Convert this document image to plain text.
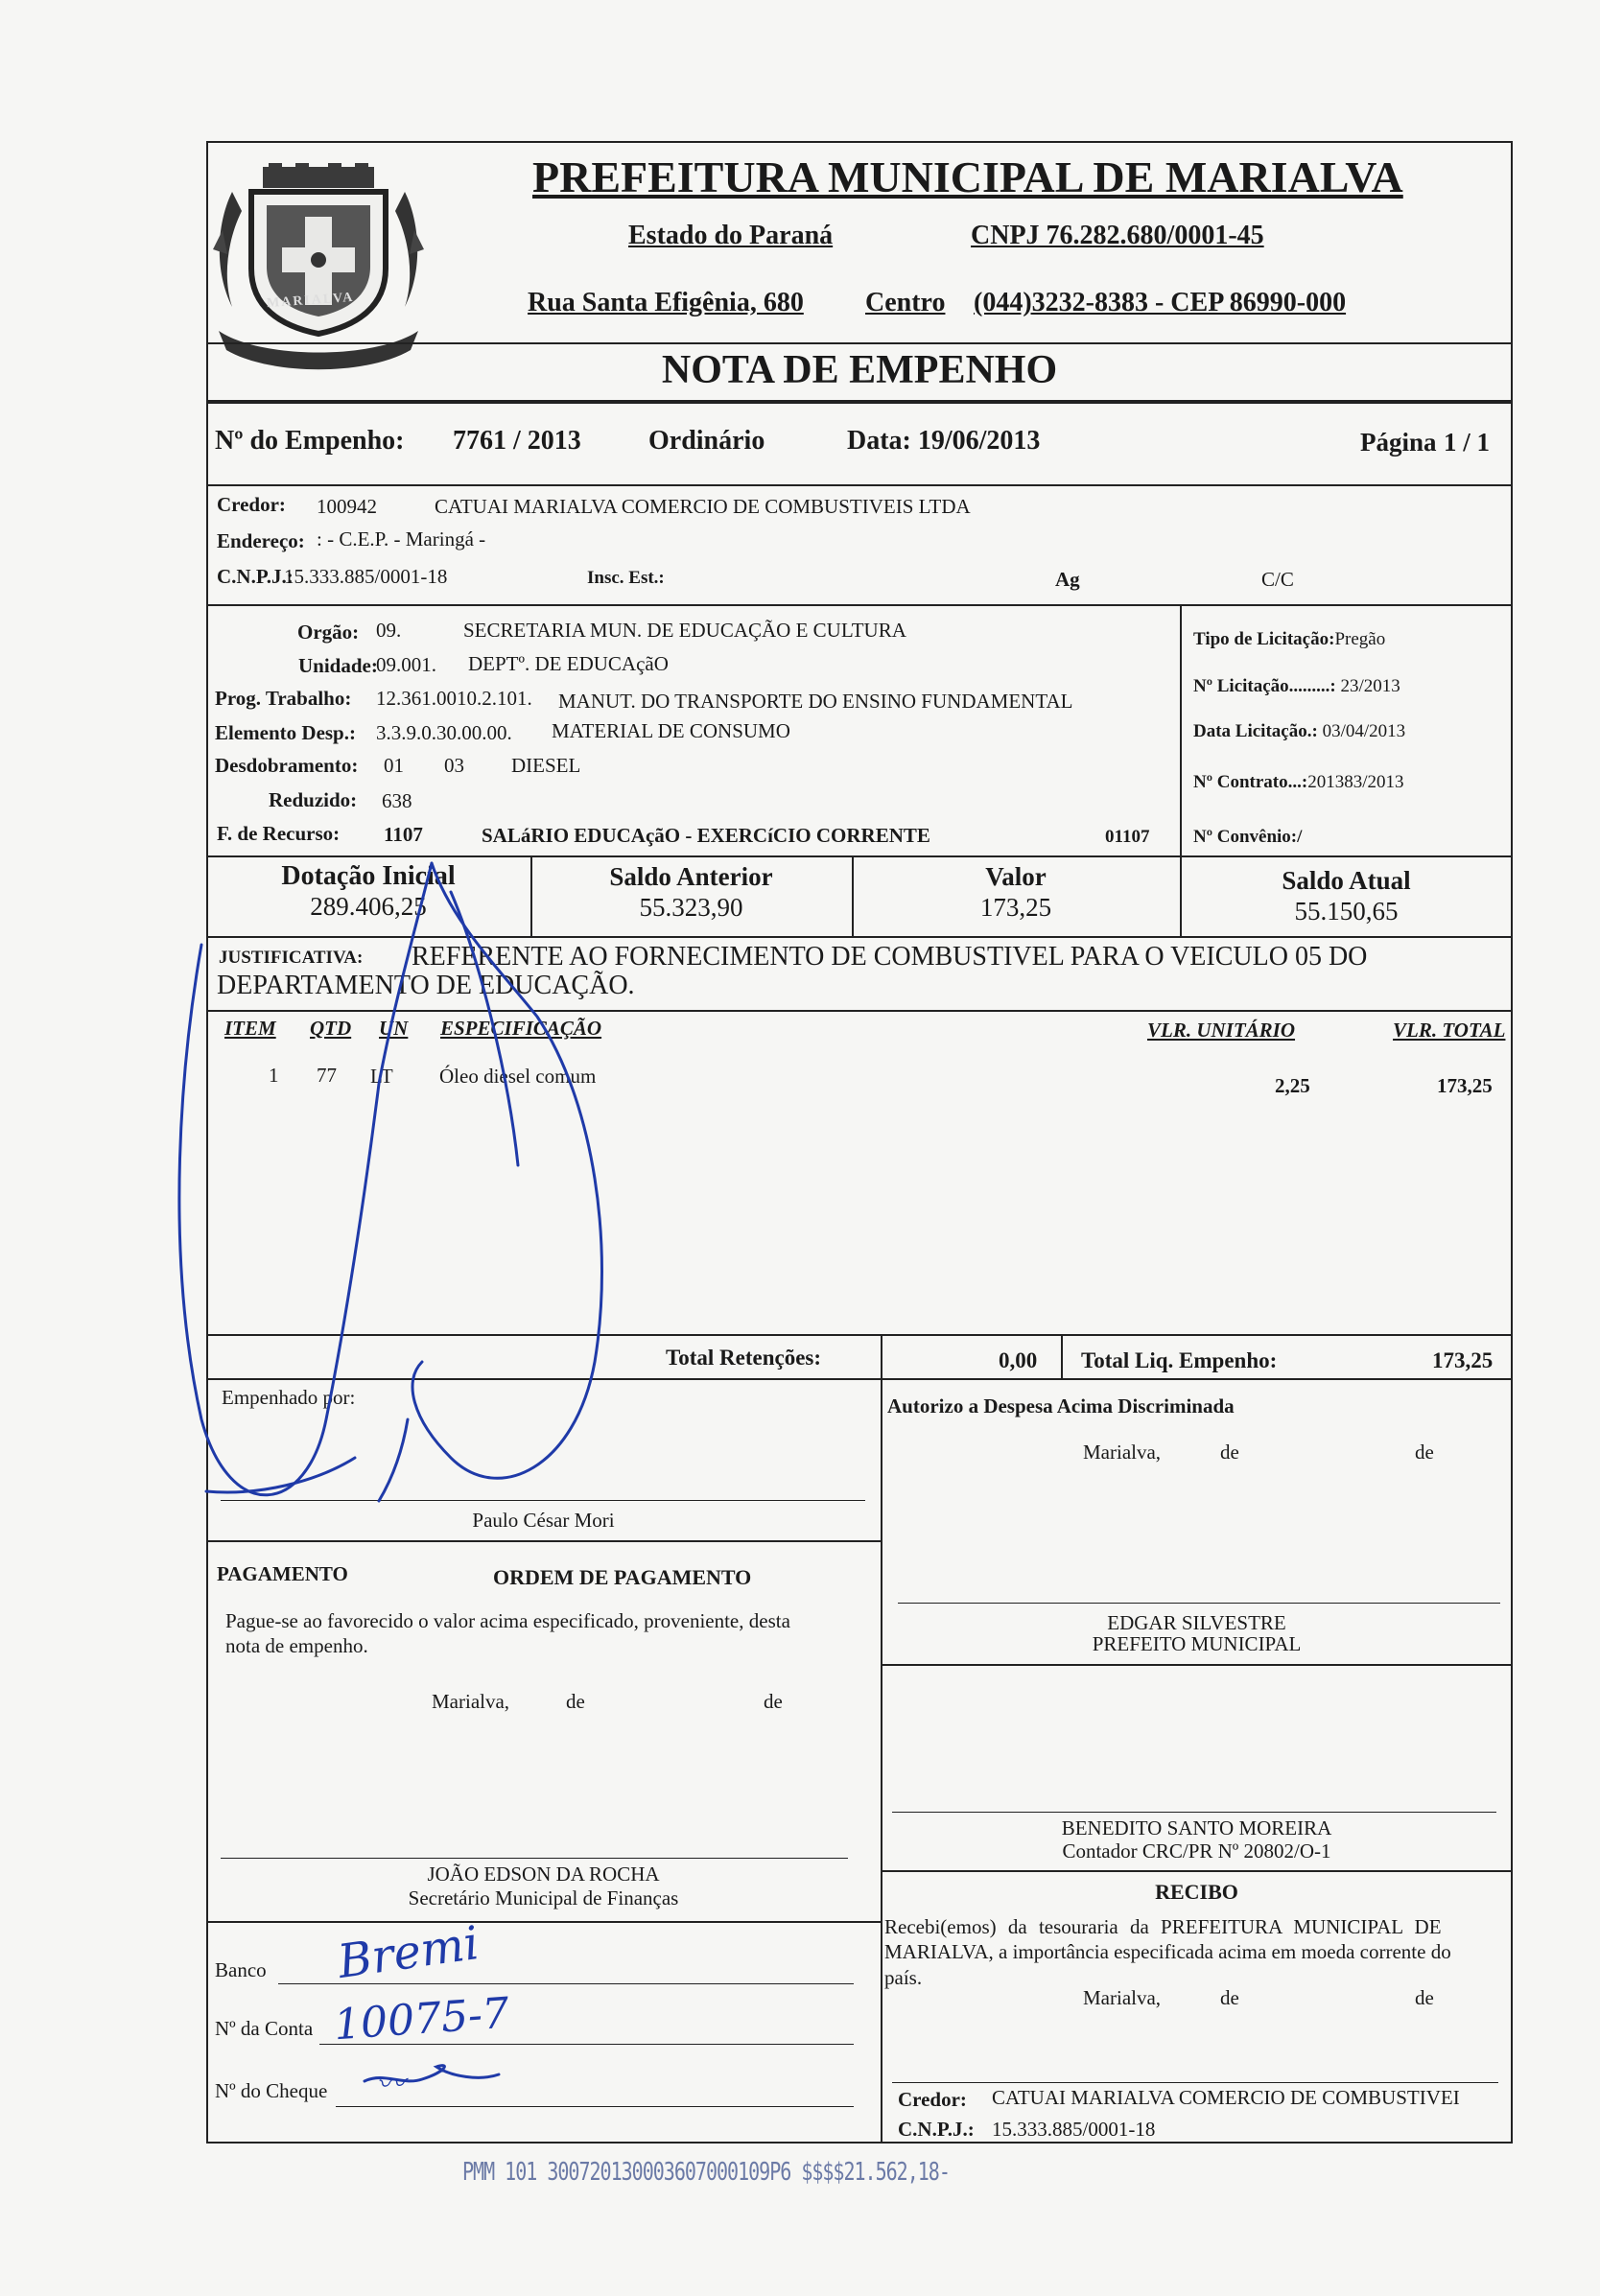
MARIALVA
PREFEITURA MUNICIPAL DE MARIALVA
Estado do Paraná	CNPJ 76.282.680/0001-45
Rua Santa Efigênia, 680 Centro (044)3232-8383 - CEP 86990-000
NOTA DE EMPENHO
Nº do Empenho: 7761 / 2013	Ordinário	Data: 19/06/2013	Página 1 / 1
Credor: 100942	CATUAI MARIALVA COMERCIO DE COMBUSTIVEIS LTDA
Endereço: : - C.E.P. - Maringá -
C.N.P.J.:
15.333.885/0001-18	Insc. Est.:	Ag	C/C
Orgão: 09.	SECRETARIA MUN. DE EDUCAÇÃO E CULTURA
Unidade:
09.001. DEPTº. DE EDUCAçãO
Prog. Trabalho: 12.361.0010.2.101. MANUT. DO TRANSPORTE DO ENSINO FUNDAMENTAL
Elemento Desp.: 3.3.9.0.30.00.00. MATERIAL DE CONSUMO
Desdobramento: 01 03 DIESEL
Reduzido: 638
F. de Recurso: 1107	SALáRIO EDUCAçãO - EXERCíCIO CORRENTE	01107
Tipo de Licitação:Pregão
Nº Licitação.........: 23/2013
Data Licitação.: 03/04/2013
Nº Contrato...:201383/2013
Nº Convênio:/
Dotação Inicial
289.406,25
Saldo Anterior
55.323,90
Valor
173,25
Saldo Atual
55.150,65
JUSTIFICATIVA: REFERENTE AO FORNECIMENTO DE COMBUSTIVEL PARA O VEICULO 05 DO
DEPARTAMENTO DE EDUCAÇÃO.
ITEM QTD UN ESPECIFICAÇÃO	VLR. UNITÁRIO	VLR. TOTAL
1 77 LT Óleo diesel comum	2,25	173,25
Total Retenções:	0,00 Total Liq. Empenho:	173,25
Empenhado por:
Paulo César Mori
Autorizo a Despesa Acima Discriminada
Marialva,	de	de
EDGAR SILVESTRE
PREFEITO MUNICIPAL
PAGAMENTO	ORDEM DE PAGAMENTO
Pague-se ao favorecido o valor acima especificado, proveniente, desta
nota de empenho.
Marialva,	de	de
BENEDITO SANTO MOREIRA
Contador CRC/PR Nº 20802/O-1
JOÃO EDSON DA ROCHA
Secretário Municipal de Finanças	RECIBO
Recebi(emos) da tesouraria da PREFEITURA MUNICIPAL DE
MARIALVA, a importância especificada acima em moeda corrente do
país.
Marialva,	de	de
Banco
Nº da Conta
Nº do Cheque
Bremi
10075-7
Credor: CATUAI MARIALVA COMERCIO DE COMBUSTIVEI
C.N.P.J.: 15.333.885/0001-18
PMM 101 300720130003607000109P6 $$$$21.562,18-
〰
